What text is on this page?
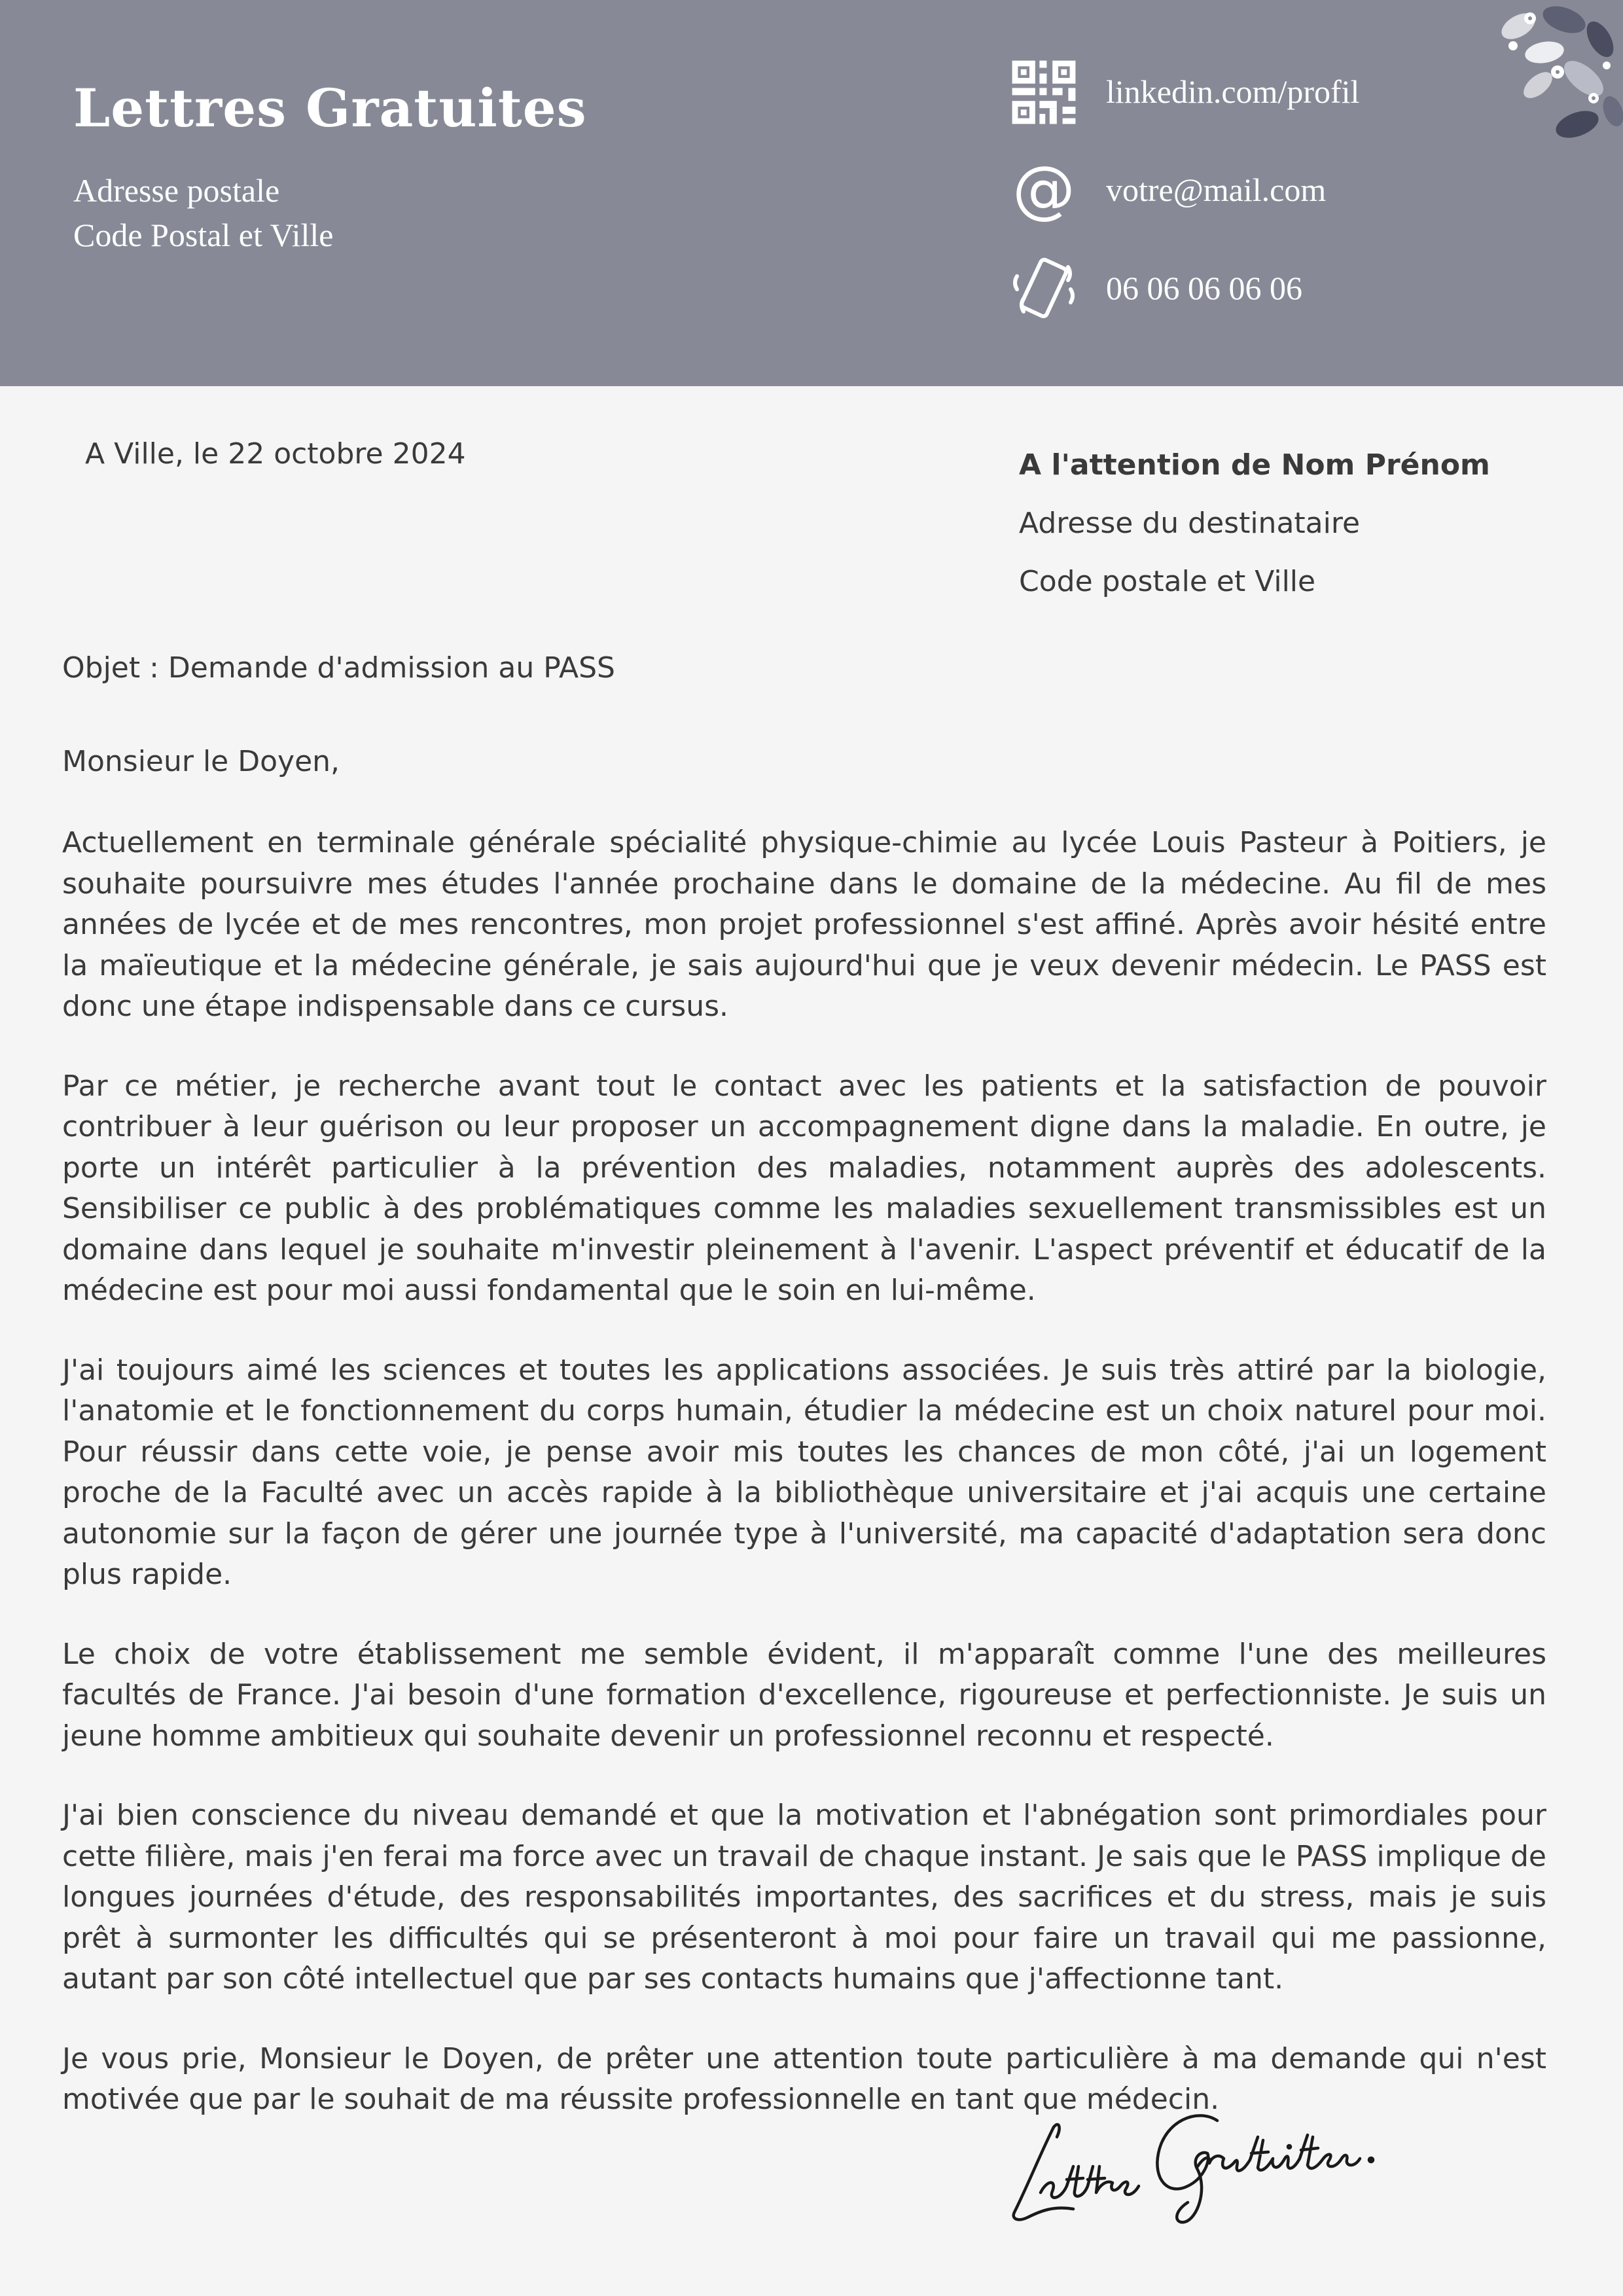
Lettres Gratuites
Adresse postale
Code Postal et Ville
linkedin.com/profil
@ votre@mail.com
06 06 06 06 06
A Ville, le 22 octobre 2024	A l'attention de Nom Prénom
Adresse du destinataire
Code postale et Ville

Objet : Demande d'admission au PASS

Monsieur le Doyen,

Actuellement en terminale générale spécialité physique-chimie au lycée Louis Pasteur à Poitiers, je souhaite poursuivre mes études l'année prochaine dans le domaine de la médecine. Au fil de mes années de lycée et de mes rencontres, mon projet professionnel s'est affiné. Après avoir hésité entre la maïeutique et la médecine générale, je sais aujourd'hui que je veux devenir médecin. Le PASS est donc une étape indispensable dans ce cursus.

Par ce métier, je recherche avant tout le contact avec les patients et la satisfaction de pouvoir contribuer à leur guérison ou leur proposer un accompagnement digne dans la maladie. En outre, je porte un intérêt particulier à la prévention des maladies, notamment auprès des adolescents. Sensibiliser ce public à des problématiques comme les maladies sexuellement transmissibles est un domaine dans lequel je souhaite m'investir pleinement à l'avenir. L'aspect préventif et éducatif de la médecine est pour moi aussi fondamental que le soin en lui-même.

J'ai toujours aimé les sciences et toutes les applications associées. Je suis très attiré par la biologie, l'anatomie et le fonctionnement du corps humain, étudier la médecine est un choix naturel pour moi. Pour réussir dans cette voie, je pense avoir mis toutes les chances de mon côté, j'ai un logement proche de la Faculté avec un accès rapide à la bibliothèque universitaire et j'ai acquis une certaine autonomie sur la façon de gérer une journée type à l'université, ma capacité d'adaptation sera donc plus rapide.

Le choix de votre établissement me semble évident, il m'apparaît comme l'une des meilleures facultés de France. J'ai besoin d'une formation d'excellence, rigoureuse et perfectionniste. Je suis un jeune homme ambitieux qui souhaite devenir un professionnel reconnu et respecté.

J'ai bien conscience du niveau demandé et que la motivation et l'abnégation sont primordiales pour cette filière, mais j'en ferai ma force avec un travail de chaque instant. Je sais que le PASS implique de longues journées d'étude, des responsabilités importantes, des sacrifices et du stress, mais je suis prêt à surmonter les difficultés qui se présenteront à moi pour faire un travail qui me passionne, autant par son côté intellectuel que par ses contacts humains que j'affectionne tant.

Je vous prie, Monsieur le Doyen, de prêter une attention toute particulière à ma demande qui n'est motivée que par le souhait de ma réussite professionnelle en tant que médecin.
